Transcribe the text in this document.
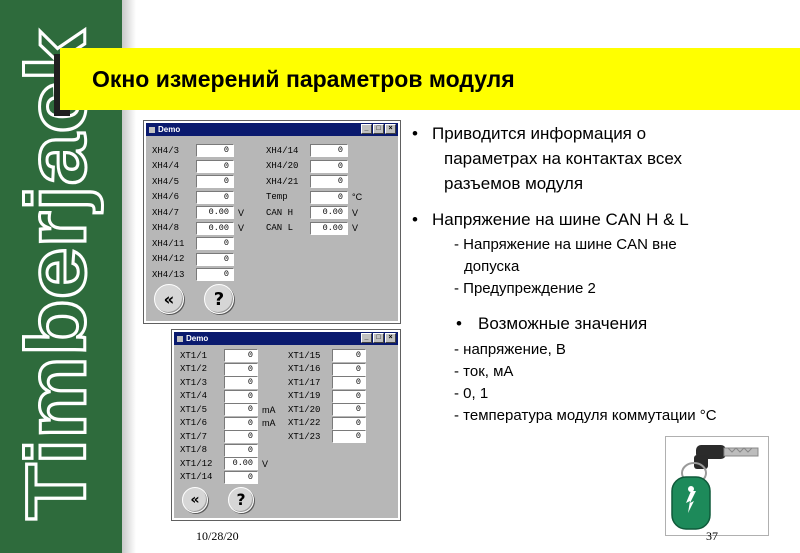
Timberjack
Окно измерений параметров модуля
Demo	_	□	×
XH4/3	0
XH4/4	0
XH4/5	0
XH4/6	0
XH4/7	0.00	V
XH4/8	0.00	V
XH4/11	0
XH4/12	0
XH4/13	0
XH4/14	0
XH4/20	0
XH4/21	0
Temp	0	°C
CAN H	0.00	V
CAN L	0.00	V
«	?
Demo	_	□	×
XT1/1	0
XT1/2	0
XT1/3	0
XT1/4	0
XT1/5	0	mA
XT1/6	0	mA
XT1/7	0
XT1/8	0
XT1/12	0.00	V
XT1/14	0
XT1/15	0
XT1/16	0
XT1/17	0
XT1/19	0
XT1/20	0
XT1/22	0
XT1/23	0
«	?
• Приводится информация о
параметрах на контактах всех
разъемов модуля
• Напряжение на шине CAN H & L
- Напряжение на шине CAN вне
допуска
- Предупреждение 2
• Возможные значения
- напряжение, В
- ток, мА
- 0, 1
- температура модуля коммутации °C
10/28/20	37
